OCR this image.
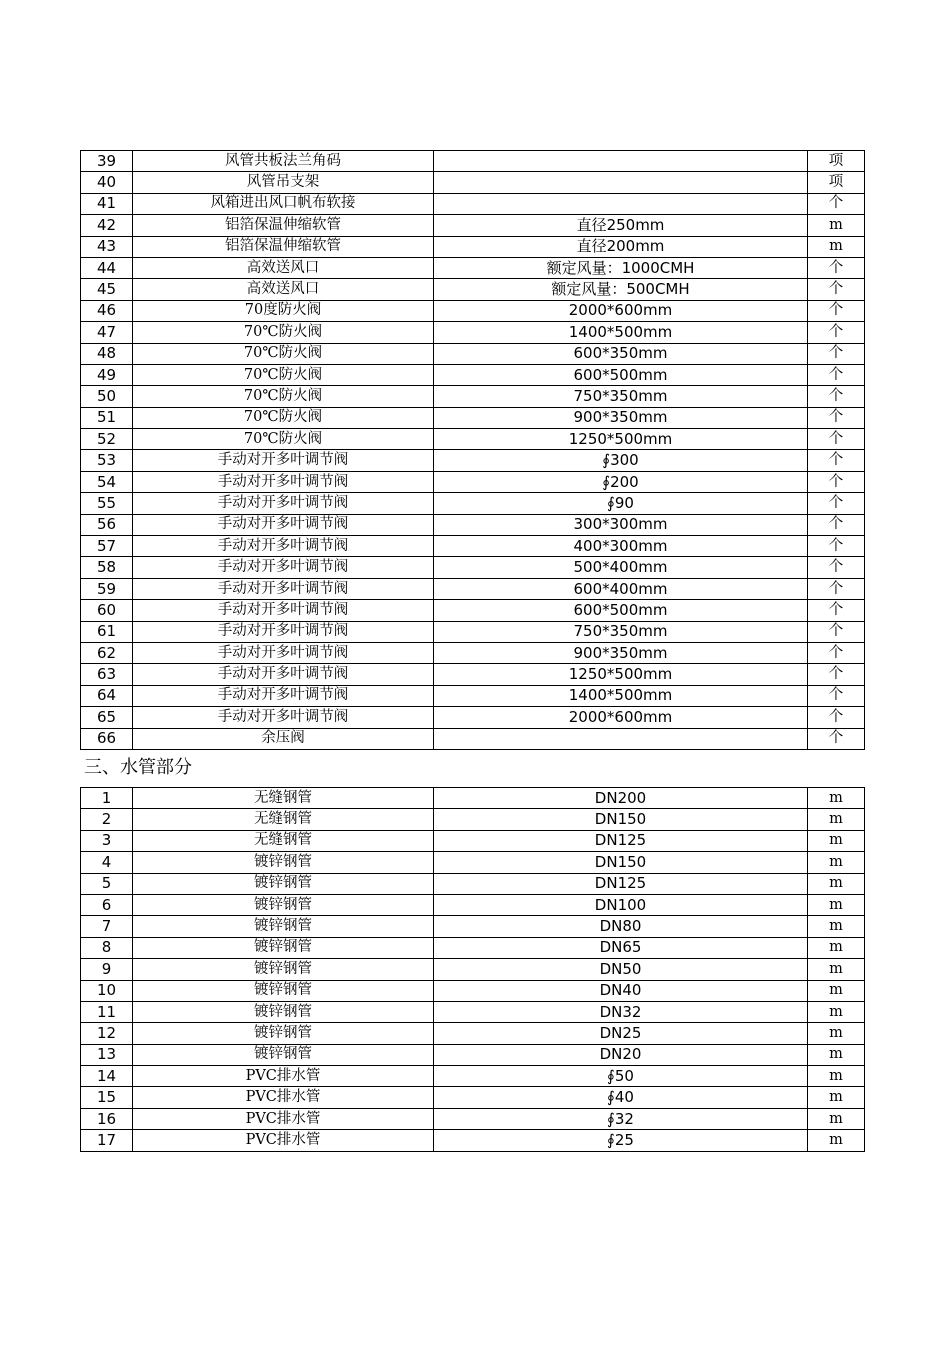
39	风管共板法兰角码		项
40	风管吊支架		项
41	风箱进出风口帆布软接		个
42	铝箔保温伸缩软管	直径250mm	m
43	铝箔保温伸缩软管	直径200mm	m
44	高效送风口	额定风量：1000CMH	个
45	高效送风口	额定风量：500CMH	个
46	70度防火阀	2000*600mm	个
47	70℃防火阀	1400*500mm	个
48	70℃防火阀	600*350mm	个
49	70℃防火阀	600*500mm	个
50	70℃防火阀	750*350mm	个
51	70℃防火阀	900*350mm	个
52	70℃防火阀	1250*500mm	个
53	手动对开多叶调节阀	∮300	个
54	手动对开多叶调节阀	∮200	个
55	手动对开多叶调节阀	∮90	个
56	手动对开多叶调节阀	300*300mm	个
57	手动对开多叶调节阀	400*300mm	个
58	手动对开多叶调节阀	500*400mm	个
59	手动对开多叶调节阀	600*400mm	个
60	手动对开多叶调节阀	600*500mm	个
61	手动对开多叶调节阀	750*350mm	个
62	手动对开多叶调节阀	900*350mm	个
63	手动对开多叶调节阀	1250*500mm	个
64	手动对开多叶调节阀	1400*500mm	个
65	手动对开多叶调节阀	2000*600mm	个
66	余压阀		个
三、水管部分
1	无缝钢管	DN200	m
2	无缝钢管	DN150	m
3	无缝钢管	DN125	m
4	镀锌钢管	DN150	m
5	镀锌钢管	DN125	m
6	镀锌钢管	DN100	m
7	镀锌钢管	DN80	m
8	镀锌钢管	DN65	m
9	镀锌钢管	DN50	m
10	镀锌钢管	DN40	m
11	镀锌钢管	DN32	m
12	镀锌钢管	DN25	m
13	镀锌钢管	DN20	m
14	PVC排水管	∮50	m
15	PVC排水管	∮40	m
16	PVC排水管	∮32	m
17	PVC排水管	∮25	m
